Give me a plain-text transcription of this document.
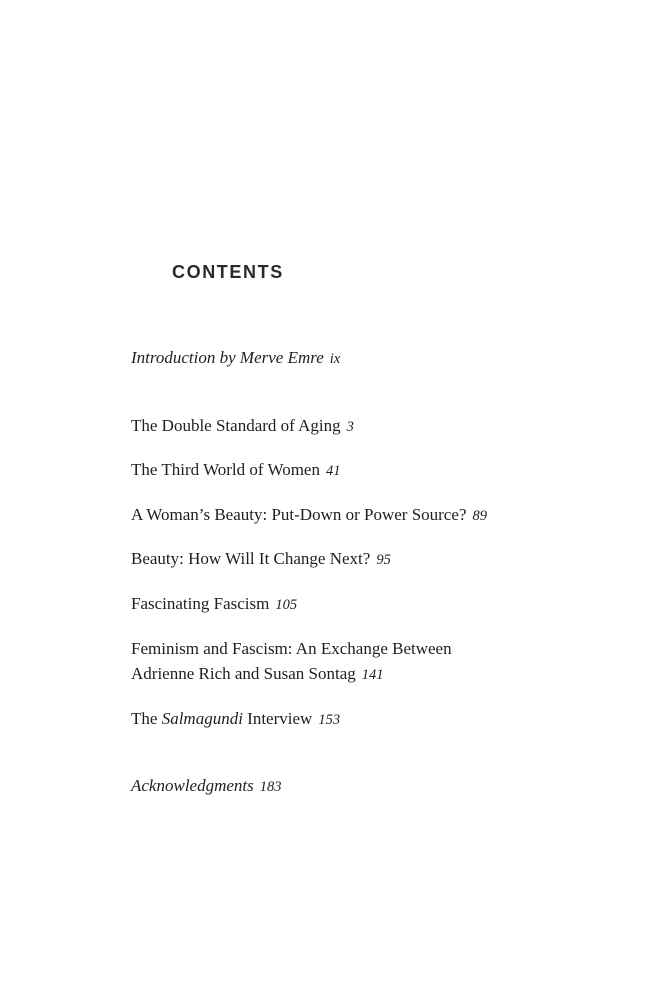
CONTENTS
Introduction by Merve Emre ix
The Double Standard of Aging 3
The Third World of Women 41
A Woman’s Beauty: Put-Down or Power Source? 89
Beauty: How Will It Change Next? 95
Fascinating Fascism 105
Feminism and Fascism: An Exchange Between
Adrienne Rich and Susan Sontag 141
The Salmagundi Interview 153
Acknowledgments 183
